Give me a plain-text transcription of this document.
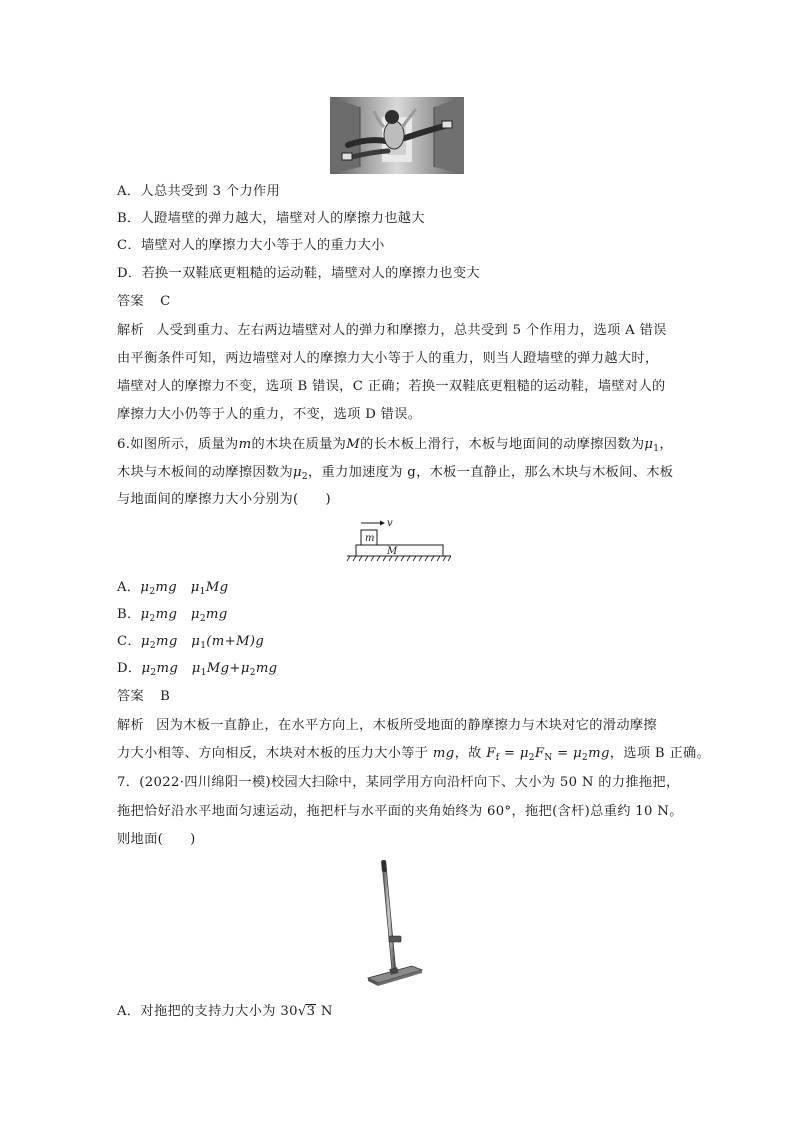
A．人总共受到 3 个力作用
B．人蹬墙壁的弹力越大，墙壁对人的摩擦力也越大
C．墙壁对人的摩擦力大小等于人的重力大小
D．若换一双鞋底更粗糙的运动鞋，墙壁对人的摩擦力也变大
答案 C
解析 人受到重力、左右两边墙壁对人的弹力和摩擦力，总共受到 5 个作用力，选项 A 错误
由平衡条件可知，两边墙壁对人的摩擦力大小等于人的重力，则当人蹬墙壁的弹力越大时，
墙壁对人的摩擦力不变，选项 B 错误，C 正确；若换一双鞋底更粗糙的运动鞋，墙壁对人的
摩擦力大小仍等于人的重力，不变，选项 D 错误。
6.如图所示，质量为m的木块在质量为M的长木板上滑行，木板与地面间的动摩擦因数为$\mu_1$，
木块与木板间的动摩擦因数为$\mu_2$，重力加速度为 g，木板一直静止，那么木块与木板间、木板
与地面间的摩擦力大小分别为(　　)
v
m
M
A．$\mu_2mg$ $\mu_1Mg$
B．$\mu_2mg$ $\mu_2mg$
C．$\mu_2mg$ $\mu_1(m+M)g$
D．$\mu_2mg$ $\mu_1Mg+\mu_2mg$
答案 B
解析 因为木板一直静止，在水平方向上，木板所受地面的静摩擦力与木块对它的滑动摩擦
力大小相等、方向相反，木块对木板的压力大小等于 mg，故 $F_f = \mu_2F_N = \mu_2mg$，选项 B 正确。
7．(2022·四川绵阳一模)校园大扫除中，某同学用方向沿杆向下、大小为 50 N 的力推拖把，
拖把恰好沿水平地面匀速运动，拖把杆与水平面的夹角始终为 60°，拖把(含杆)总重约 10 N。
则地面(　　)
A．对拖把的支持力大小为 30√3 N
